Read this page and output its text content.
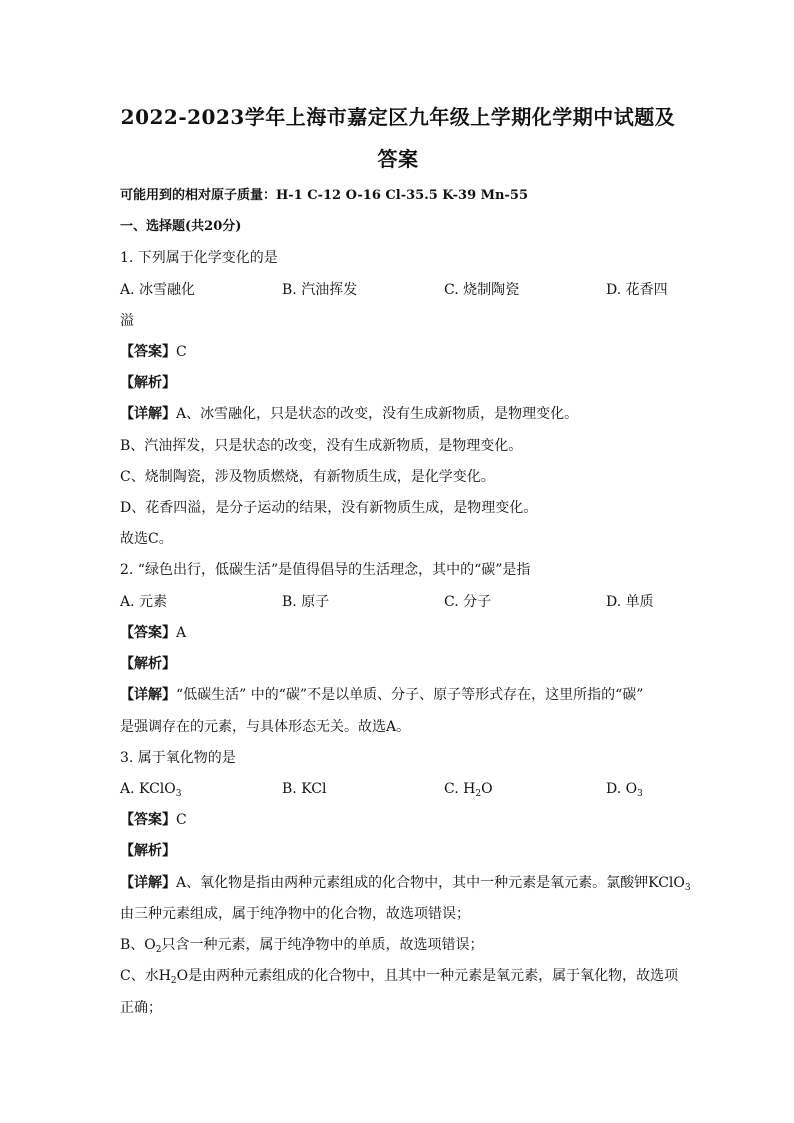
2022-2023学年上海市嘉定区九年级上学期化学期中试题及
答案
可能用到的相对原子质量：H-1 C-12 O-16 Cl-35.5 K-39 Mn-55
一、选择题(共20分)
1. 下列属于化学变化的是
A. 冰雪融化	B. 汽油挥发	C. 烧制陶瓷	D. 花香四
溢
【答案】C
【解析】
【详解】A、冰雪融化，只是状态的改变，没有生成新物质，是物理变化。
B、汽油挥发，只是状态的改变，没有生成新物质，是物理变化。
C、烧制陶瓷，涉及物质燃烧，有新物质生成，是化学变化。
D、花香四溢，是分子运动的结果，没有新物质生成，是物理变化。
故选C。
2. “绿色出行，低碳生活”是值得倡导的生活理念，其中的“碳”是指
A. 元素	B. 原子	C. 分子	D. 单质
【答案】A
【解析】
【详解】“低碳生活” 中的“碳”不是以单质、分子、原子等形式存在，这里所指的“碳”
是强调存在的元素，与具体形态无关。故选A。
3. 属于氧化物的是
A. KClO$_3$	B. KCl	C. $H_2O$	D. $O_3$
【答案】C
【解析】
【详解】A、氧化物是指由两种元素组成的化合物中，其中一种元素是氧元素。氯酸钾KClO$_3$
由三种元素组成，属于纯净物中的化合物，故选项错误；
B、$O_2$只含一种元素，属于纯净物中的单质，故选项错误；
C、水$H_2O$是由两种元素组成的化合物中，且其中一种元素是氧元素，属于氧化物，故选项
正确；
